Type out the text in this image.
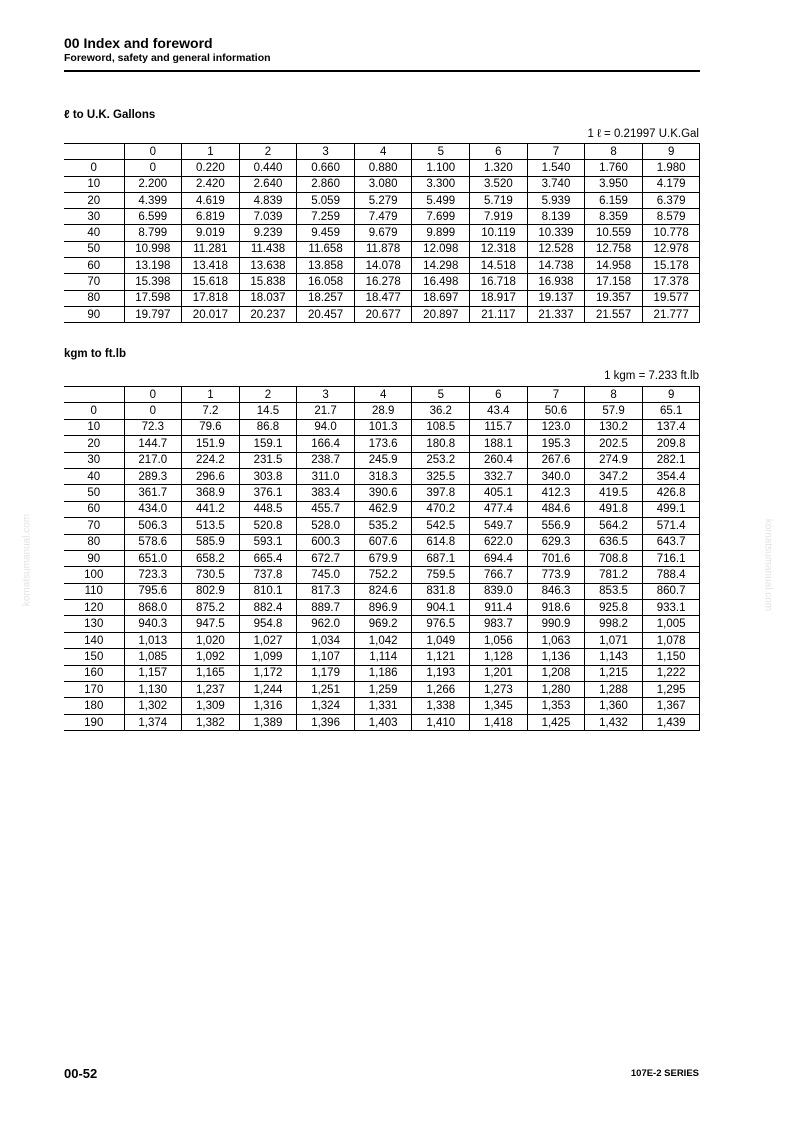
00 Index and foreword
Foreword, safety and general information
ℓ to U.K. Gallons
1 ℓ = 0.21997 U.K.Gal
	0	1	2	3	4	5	6	7	8	9
0	0	0.220	0.440	0.660	0.880	1.100	1.320	1.540	1.760	1.980
10	2.200	2.420	2.640	2.860	3.080	3.300	3.520	3.740	3.950	4.179
20	4.399	4.619	4.839	5.059	5.279	5.499	5.719	5.939	6.159	6.379
30	6.599	6.819	7.039	7.259	7.479	7.699	7.919	8.139	8.359	8.579
40	8.799	9.019	9.239	9.459	9.679	9.899	10.119	10.339	10.559	10.778
50	10.998	11.281	11.438	11.658	11.878	12.098	12.318	12.528	12.758	12.978
60	13.198	13.418	13.638	13.858	14.078	14.298	14.518	14.738	14.958	15.178
70	15.398	15.618	15.838	16.058	16.278	16.498	16.718	16.938	17.158	17.378
80	17.598	17.818	18.037	18.257	18.477	18.697	18.917	19.137	19.357	19.577
90	19.797	20.017	20.237	20.457	20.677	20.897	21.117	21.337	21.557	21.777
kgm to ft.lb
1 kgm = 7.233 ft.lb
	0	1	2	3	4	5	6	7	8	9
0	0	7.2	14.5	21.7	28.9	36.2	43.4	50.6	57.9	65.1
10	72.3	79.6	86.8	94.0	101.3	108.5	115.7	123.0	130.2	137.4
20	144.7	151.9	159.1	166.4	173.6	180.8	188.1	195.3	202.5	209.8
30	217.0	224.2	231.5	238.7	245.9	253.2	260.4	267.6	274.9	282.1
40	289.3	296.6	303.8	311.0	318.3	325.5	332.7	340.0	347.2	354.4
50	361.7	368.9	376.1	383.4	390.6	397.8	405.1	412.3	419.5	426.8
60	434.0	441.2	448.5	455.7	462.9	470.2	477.4	484.6	491.8	499.1
70	506.3	513.5	520.8	528.0	535.2	542.5	549.7	556.9	564.2	571.4
80	578.6	585.9	593.1	600.3	607.6	614.8	622.0	629.3	636.5	643.7
90	651.0	658.2	665.4	672.7	679.9	687.1	694.4	701.6	708.8	716.1
100	723.3	730.5	737.8	745.0	752.2	759.5	766.7	773.9	781.2	788.4
110	795.6	802.9	810.1	817.3	824.6	831.8	839.0	846.3	853.5	860.7
120	868.0	875.2	882.4	889.7	896.9	904.1	911.4	918.6	925.8	933.1
130	940.3	947.5	954.8	962.0	969.2	976.5	983.7	990.9	998.2	1,005
140	1,013	1,020	1,027	1,034	1,042	1,049	1,056	1,063	1,071	1,078
150	1,085	1,092	1,099	1,107	1,114	1,121	1,128	1,136	1,143	1,150
160	1,157	1,165	1,172	1,179	1,186	1,193	1,201	1,208	1,215	1,222
170	1,130	1,237	1,244	1,251	1,259	1,266	1,273	1,280	1,288	1,295
180	1,302	1,309	1,316	1,324	1,331	1,338	1,345	1,353	1,360	1,367
190	1,374	1,382	1,389	1,396	1,403	1,410	1,418	1,425	1,432	1,439
komatsumanual.com	komatsumanual.com
00-52	107E-2 SERIES
